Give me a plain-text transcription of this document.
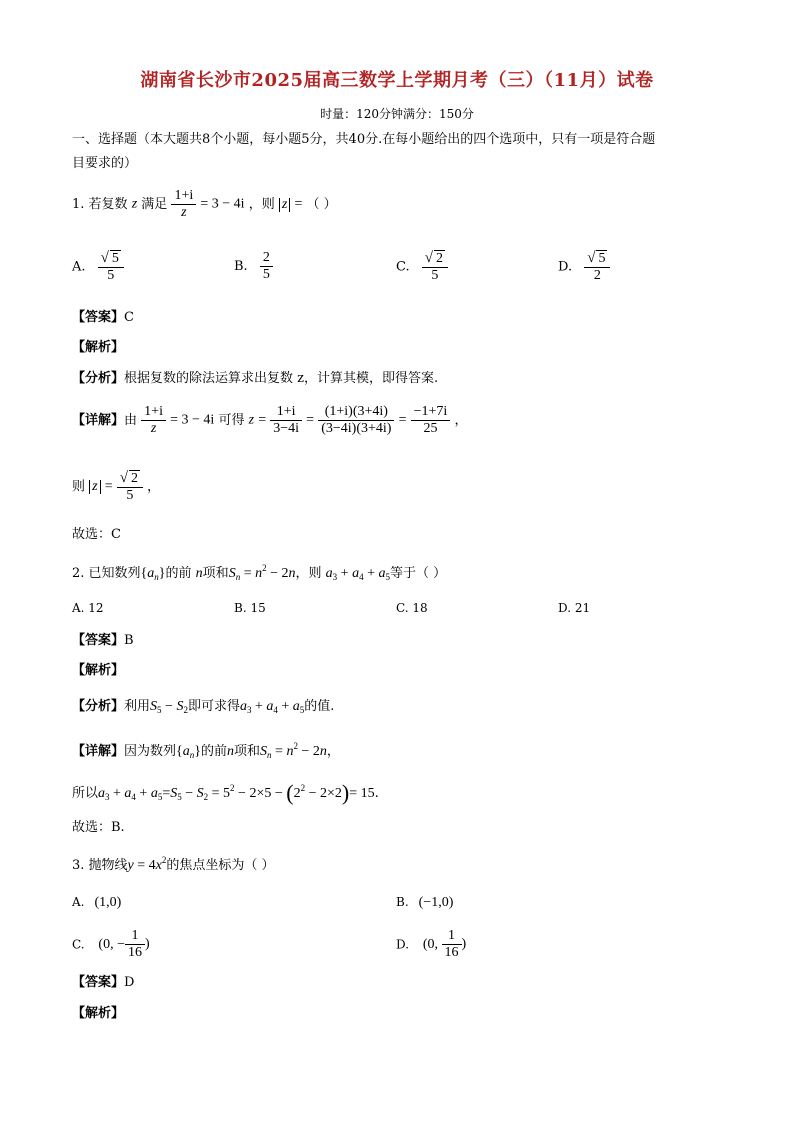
湖南省长沙市2025届高三数学上学期月考（三）（11月）试卷
时量：120分钟满分：150分
一、选择题（本大题共8个小题，每小题5分，共40分.在每小题给出的四个选项中，只有一项是符合题
目要求的）
1. 若复数 z 满足 $\frac{1+i}{z} = 3 - 4i$ ，则 z = （ ）
A. $\frac{√ 5}{5}$	B. $\frac{2}{5}$	C. $\frac{√ 2}{5}$	D. $\frac{√ 5}{2}$
【答案】C
【解析】
【分析】根据复数的除法运算求出复数 z，计算其模，即得答案.
【详解】由 $\frac{1+i}{z} = 3 - 4i$ 可得 $z = \frac{1+i}{3-4i} = \frac{(1+i)(3+4i)}{(3-4i)(3+4i)} = \frac{-1+7i}{25}$ ，
则 $z = \frac{√ 2}{5}$ ，
故选：C
2. 已知数列$\{a_n\}$的前 n项和$S_n = n^2 - 2n$，则 $a_3 + a_4 + a_5$等于（ ）
A. 12	B. 15	C. 18	D. 21
【答案】B
【解析】
【分析】利用$S_5 - S_2$即可求得$a_3 + a_4 + a_5$的值.
【详解】因为数列$\{a_n\}$的前n项和$S_n = n^2 - 2n$，
所以$a_3 + a_4 + a_5=S_5 - S_2 = 5^2 - 2\times 5 - (2^2 - 2\times 2)= 15$.
故选：B.
3. 抛物线$y = 4x^2$的焦点坐标为（ ）
A. (1,0)	B. (−1,0)
C. (0, − $\frac{1}{16}$ )	D. (0, $\frac{1}{16}$ )
【答案】D
【解析】
